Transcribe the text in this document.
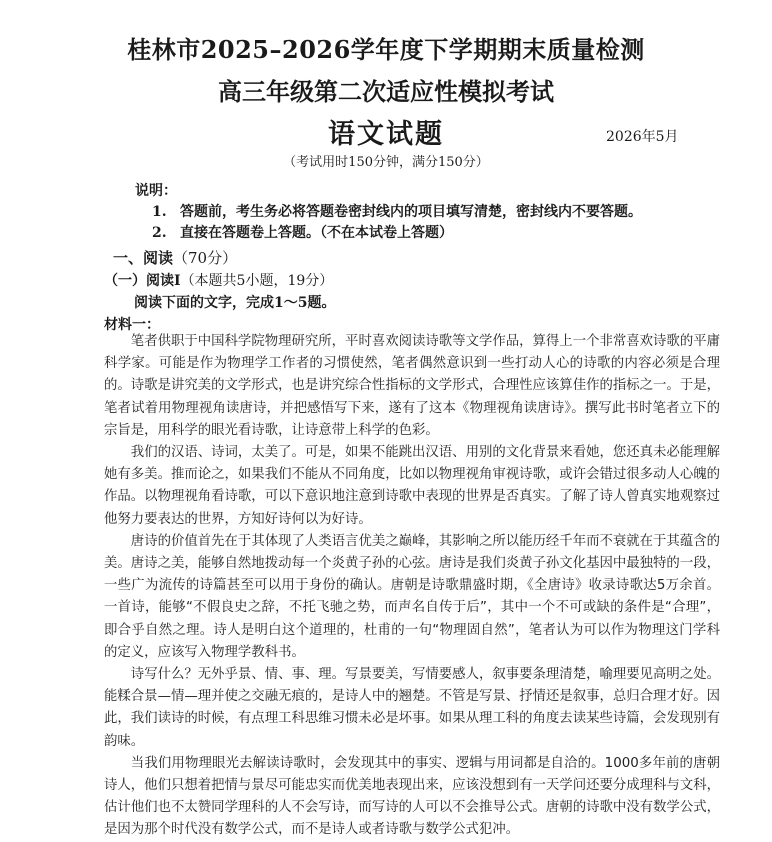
桂林市2025–2026学年度下学期期末质量检测
高三年级第二次适应性模拟考试
语文试题	2026年5月
（考试用时150分钟，满分150分）
说明：
1. 答题前，考生务必将答题卷密封线内的项目填写清楚，密封线内不要答题。
2. 直接在答题卷上答题。（不在本试卷上答题）
一、阅读（70分）
（一）阅读Ⅰ（本题共5小题，19分）
阅读下面的文字，完成1～5题。
材料一：

笔者供职于中国科学院物理研究所，平时喜欢阅读诗歌等文学作品，算得上一个非常喜欢诗歌的平庸科学家。可能是作为物理学工作者的习惯使然，笔者偶然意识到一些打动人心的诗歌的内容必须是合理的。诗歌是讲究美的文学形式，也是讲究综合性指标的文学形式，合理性应该算佳作的指标之一。于是，笔者试着用物理视角读唐诗，并把感悟写下来，遂有了这本《物理视角读唐诗》。撰写此书时笔者立下的宗旨是，用科学的眼光看诗歌，让诗意带上科学的色彩。

我们的汉语、诗词，太美了。可是，如果不能跳出汉语、用别的文化背景来看她，您还真未必能理解她有多美。推而论之，如果我们不能从不同角度，比如以物理视角审视诗歌，或许会错过很多动人心魄的作品。以物理视角看诗歌，可以下意识地注意到诗歌中表现的世界是否真实。了解了诗人曾真实地观察过他努力要表达的世界，方知好诗何以为好诗。

唐诗的价值首先在于其体现了人类语言优美之巅峰，其影响之所以能历经千年而不衰就在于其蕴含的美。唐诗之美，能够自然地拨动每一个炎黄子孙的心弦。唐诗是我们炎黄子孙文化基因中最独特的一段，一些广为流传的诗篇甚至可以用于身份的确认。唐朝是诗歌鼎盛时期，《全唐诗》收录诗歌达5万余首。一首诗，能够“不假良史之辞，不托飞驰之势，而声名自传于后”，其中一个不可或缺的条件是“合理”，即合乎自然之理。诗人是明白这个道理的，杜甫的一句“物理固自然”，笔者认为可以作为物理这门学科的定义，应该写入物理学教科书。

诗写什么？无外乎景、情、事、理。写景要美，写情要感人，叙事要条理清楚，喻理要见高明之处。能糅合景—情—理并使之交融无痕的，是诗人中的翘楚。不管是写景、抒情还是叙事，总归合理才好。因此，我们读诗的时候，有点理工科思维习惯未必是坏事。如果从理工科的角度去读某些诗篇，会发现别有韵味。

当我们用物理眼光去解读诗歌时，会发现其中的事实、逻辑与用词都是自洽的。1000多年前的唐朝诗人，他们只想着把情与景尽可能忠实而优美地表现出来，应该没想到有一天学问还要分成理科与文科，估计他们也不太赞同学理科的人不会写诗，而写诗的人可以不会推导公式。唐朝的诗歌中没有数学公式，是因为那个时代没有数学公式，而不是诗人或者诗歌与数学公式犯冲。
